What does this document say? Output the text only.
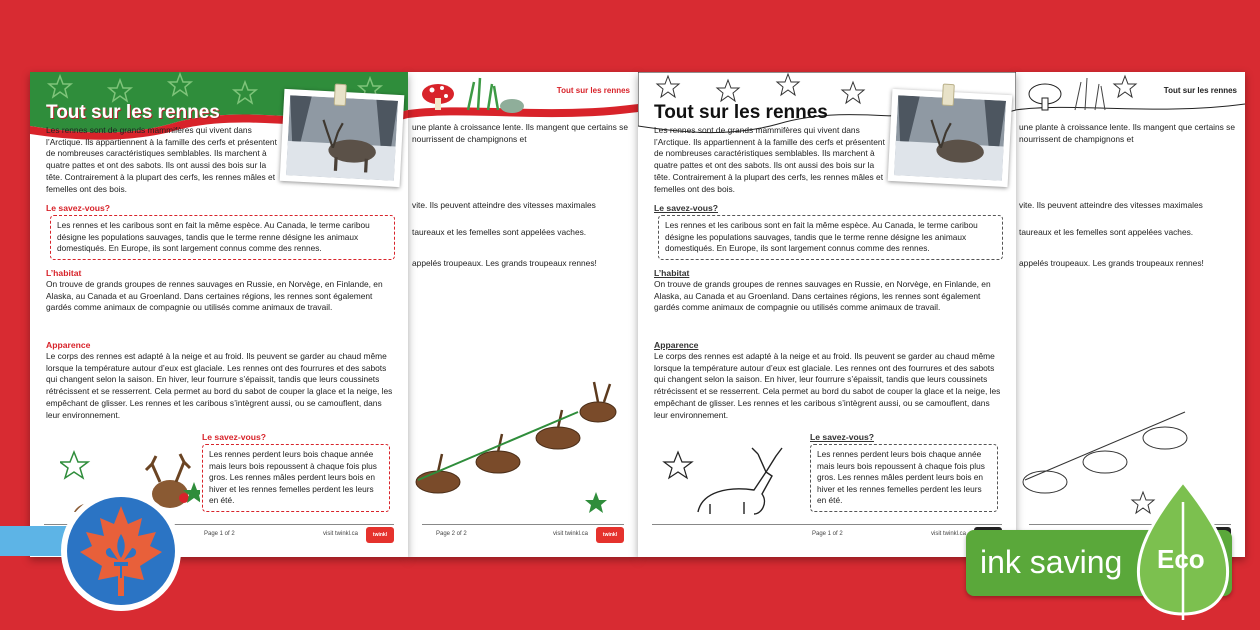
Tout sur les rennes
Les rennes sont de grands mammifères qui vivent dans l’Arctique. Ils appartiennent à la famille des cerfs et présentent de nombreuses caractéristiques semblables. Ils marchent à quatre pattes et ont des sabots. Ils ont aussi des bois sur la tête. Contrairement à la plupart des cerfs, les rennes mâles et femelles ont des bois.
Le savez-vous?
Les rennes et les caribous sont en fait la même espèce. Au Canada, le terme caribou désigne les populations sauvages, tandis que le terme renne désigne les animaux domestiqués. En Europe, ils sont largement connus comme des rennes.
L’habitat
On trouve de grands groupes de rennes sauvages en Russie, en Norvège, en Finlande, en Alaska, au Canada et au Groenland. Dans certaines régions, les rennes sont également gardés comme animaux de compagnie ou utilisés comme animaux de travail.
Apparence
Le corps des rennes est adapté à la neige et au froid. Ils peuvent se garder au chaud même lorsque la température autour d’eux est glaciale. Les rennes ont des fourrures et des sabots qui changent selon la saison. En hiver, leur fourrure s’épaissit, tandis que leurs coussinets rétrécissent et se resserrent. Cela permet au bord du sabot de couper la glace et la neige, les empêchant de glisser. Les rennes et les caribous s’intègrent aussi, ou se camouflent, dans leur environnement.
Le savez-vous?
Les rennes perdent leurs bois chaque année mais leurs bois repoussent à chaque fois plus gros. Les rennes mâles perdent leurs bois en hiver et les rennes femelles perdent les leurs en été.
Page 1 of 2	visit twinkl.ca	twinkl
Tout sur les rennes
une plante à croissance lente. Ils mangent que certains se nourrissent de champignons et
vite. Ils peuvent atteindre des vitesses maximales
taureaux et les femelles sont appelées vaches.
appelés troupeaux. Les grands troupeaux rennes!
Page 2 of 2	visit twinkl.ca	twinkl
Tout sur les rennes
Les rennes sont de grands mammifères qui vivent dans l’Arctique. Ils appartiennent à la famille des cerfs et présentent de nombreuses caractéristiques semblables. Ils marchent à quatre pattes et ont des sabots. Ils ont aussi des bois sur la tête. Contrairement à la plupart des cerfs, les rennes mâles et femelles ont des bois.
Le savez-vous?
Les rennes et les caribous sont en fait la même espèce. Au Canada, le terme caribou désigne les populations sauvages, tandis que le terme renne désigne les animaux domestiqués. En Europe, ils sont largement connus comme des rennes.
L’habitat
On trouve de grands groupes de rennes sauvages en Russie, en Norvège, en Finlande, en Alaska, au Canada et au Groenland. Dans certaines régions, les rennes sont également gardés comme animaux de compagnie ou utilisés comme animaux de travail.
Apparence
Le corps des rennes est adapté à la neige et au froid. Ils peuvent se garder au chaud même lorsque la température autour d’eux est glaciale. Les rennes ont des fourrures et des sabots qui changent selon la saison. En hiver, leur fourrure s’épaissit, tandis que leurs coussinets rétrécissent et se resserrent. Cela permet au bord du sabot de couper la glace et la neige, les empêchant de glisser. Les rennes et les caribous s’intègrent aussi, ou se camouflent, dans leur environnement.
Le savez-vous?
Les rennes perdent leurs bois chaque année mais leurs bois repoussent à chaque fois plus gros. Les rennes mâles perdent leurs bois en hiver et les rennes femelles perdent les leurs en été.
Page 1 of 2	visit twinkl.ca
Tout sur les rennes
une plante à croissance lente. Ils mangent que certains se nourrissent de champignons et
vite. Ils peuvent atteindre des vitesses maximales
taureaux et les femelles sont appelées vaches.
appelés troupeaux. Les grands troupeaux rennes!
ink saving Eco
